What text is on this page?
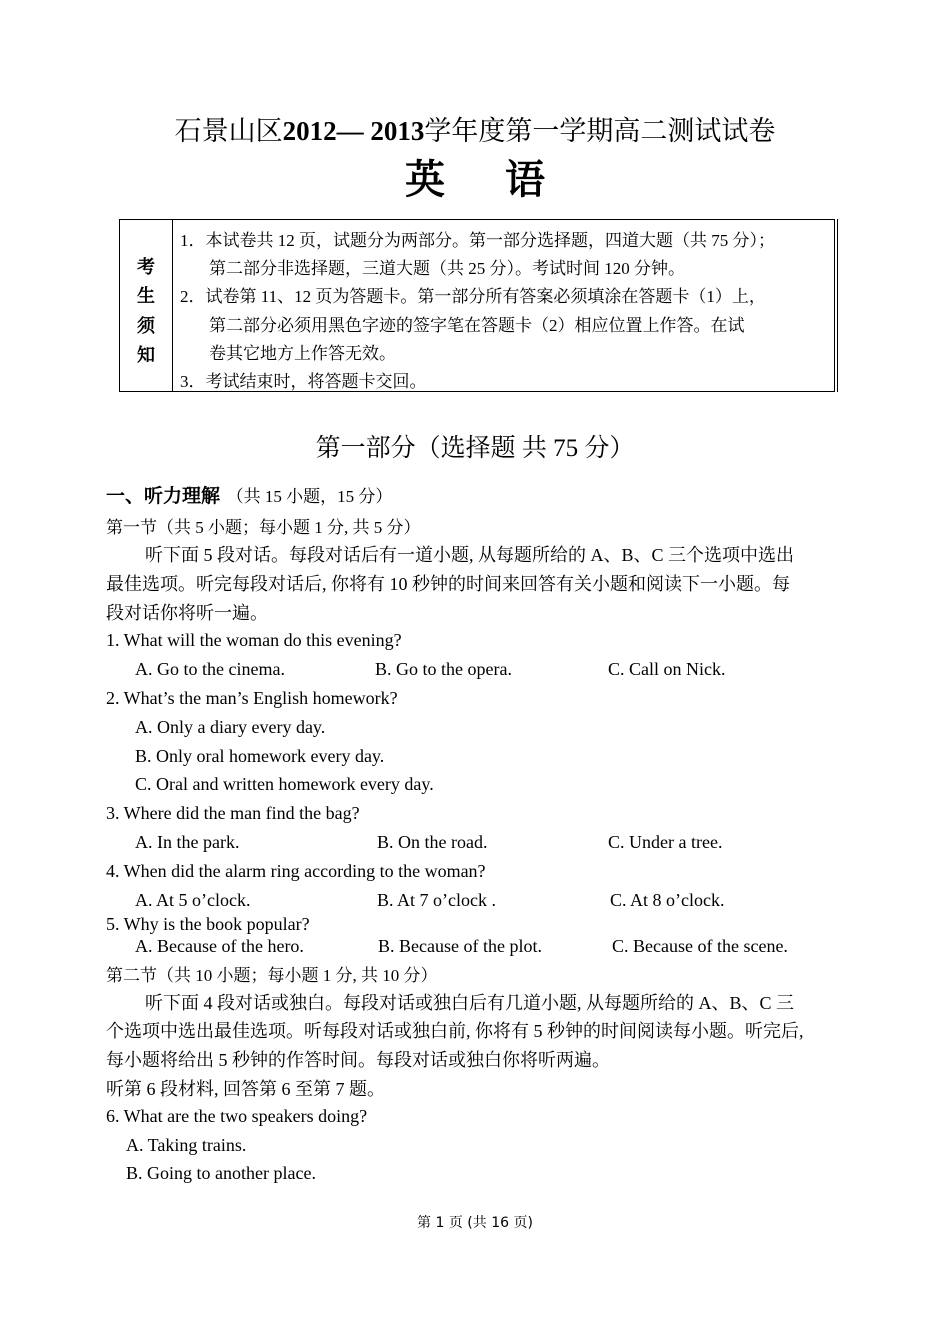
石景山区2012— 2013学年度第一学期高二测试试卷
英 语
考
生
须
知
1．本试卷共 12 页，试题分为两部分。第一部分选择题，四道大题（共 75 分）；
第二部分非选择题，三道大题（共 25 分）。考试时间 120 分钟。
2．试卷第 11、12 页为答题卡。第一部分所有答案必须填涂在答题卡（1）上，
第二部分必须用黑色字迹的签字笔在答题卡（2）相应位置上作答。在试
卷其它地方上作答无效。
3．考试结束时，将答题卡交回。
第一部分（选择题 共 75 分）
一、听力理解 （共 15 小题，15 分）
第一节（共 5 小题；每小题 1 分, 共 5 分）
听下面 5 段对话。每段对话后有一道小题, 从每题所给的 A、B、C 三个选项中选出
最佳选项。听完每段对话后, 你将有 10 秒钟的时间来回答有关小题和阅读下一小题。每
段对话你将听一遍。
1. What will the woman do this evening?
A. Go to the cinema.	B. Go to the opera.	C. Call on Nick.
2. What’s the man’s English homework?
A. Only a diary every day.
B. Only oral homework every day.
C. Oral and written homework every day.
3. Where did the man find the bag?
A. In the park.	B. On the road.	C. Under a tree.
4. When did the alarm ring according to the woman?
A. At 5 o’clock.	B. At 7 o’clock .	C. At 8 o’clock.
5. Why is the book popular?
A. Because of the hero.	B. Because of the plot.	C. Because of the scene.
第二节（共 10 小题；每小题 1 分, 共 10 分）
听下面 4 段对话或独白。每段对话或独白后有几道小题, 从每题所给的 A、B、C 三
个选项中选出最佳选项。听每段对话或独白前, 你将有 5 秒钟的时间阅读每小题。听完后,
每小题将给出 5 秒钟的作答时间。每段对话或独白你将听两遍。
听第 6 段材料, 回答第 6 至第 7 题。
6. What are the two speakers doing?
A. Taking trains.
B. Going to another place.
第 1 页 (共 16 页)
